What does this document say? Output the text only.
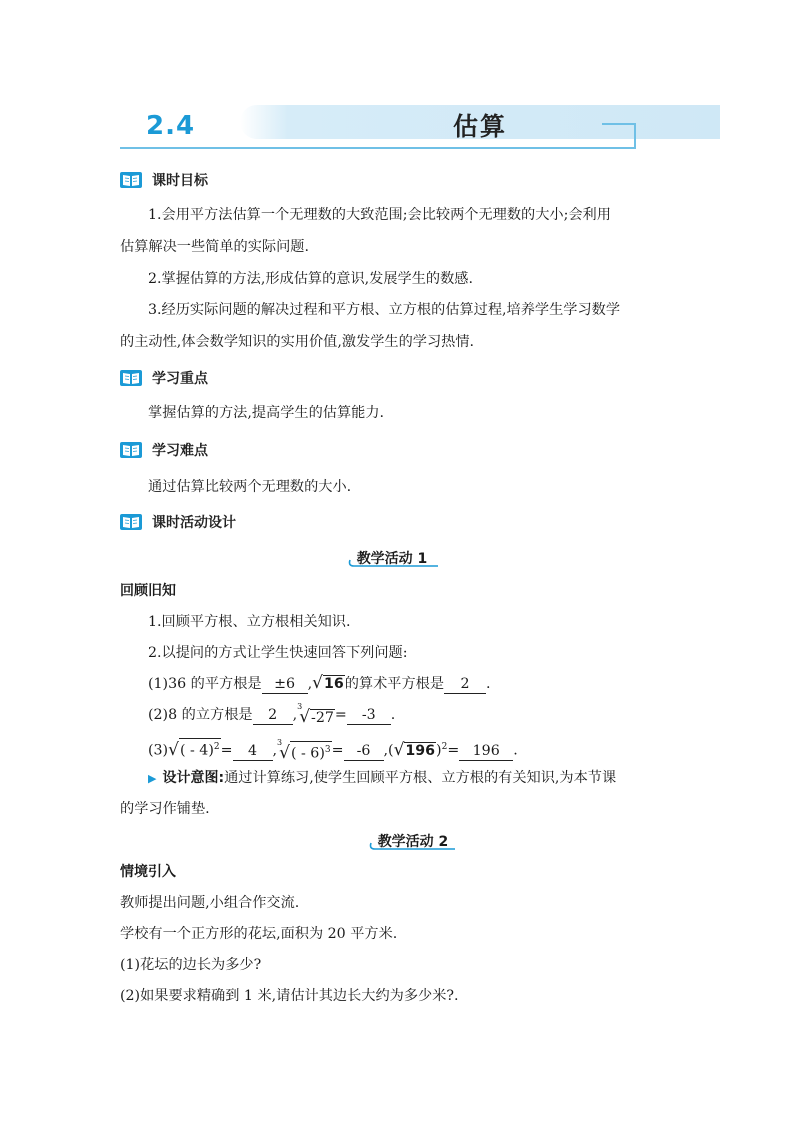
2.4	估算
课时目标
1.会用平方法估算一个无理数的大致范围;会比较两个无理数的大小;会利用
估算解决一些简单的实际问题.
2.掌握估算的方法,形成估算的意识,发展学生的数感.
3.经历实际问题的解决过程和平方根、立方根的估算过程,培养学生学习数学
的主动性,体会数学知识的实用价值,激发学生的学习热情.
学习重点
掌握估算的方法,提高学生的估算能力.
学习难点
通过估算比较两个无理数的大小.
课时活动设计
教学活动 1
回顾旧知
1.回顾平方根、立方根相关知识.
2.以提问的方式让学生快速回答下列问题:
(1)36 的平方根是 ±6 , √ 16 的算术平方根是 2 .
(2)8 的立方根是 2 ,
3
√ -27 = -3 .
(3) √ ( - 4)$^2$ = 4 ,
3
√ ( - 6)$^3$ = -6 ,( √ 196 )$^2$= 196 .
▶ 设计意图:通过计算练习,使学生回顾平方根、立方根的有关知识,为本节课
的学习作铺垫.
教学活动 2
情境引入
教师提出问题,小组合作交流.
学校有一个正方形的花坛,面积为 20 平方米.
(1)花坛的边长为多少?
(2)如果要求精确到 1 米,请估计其边长大约为多少米?.
